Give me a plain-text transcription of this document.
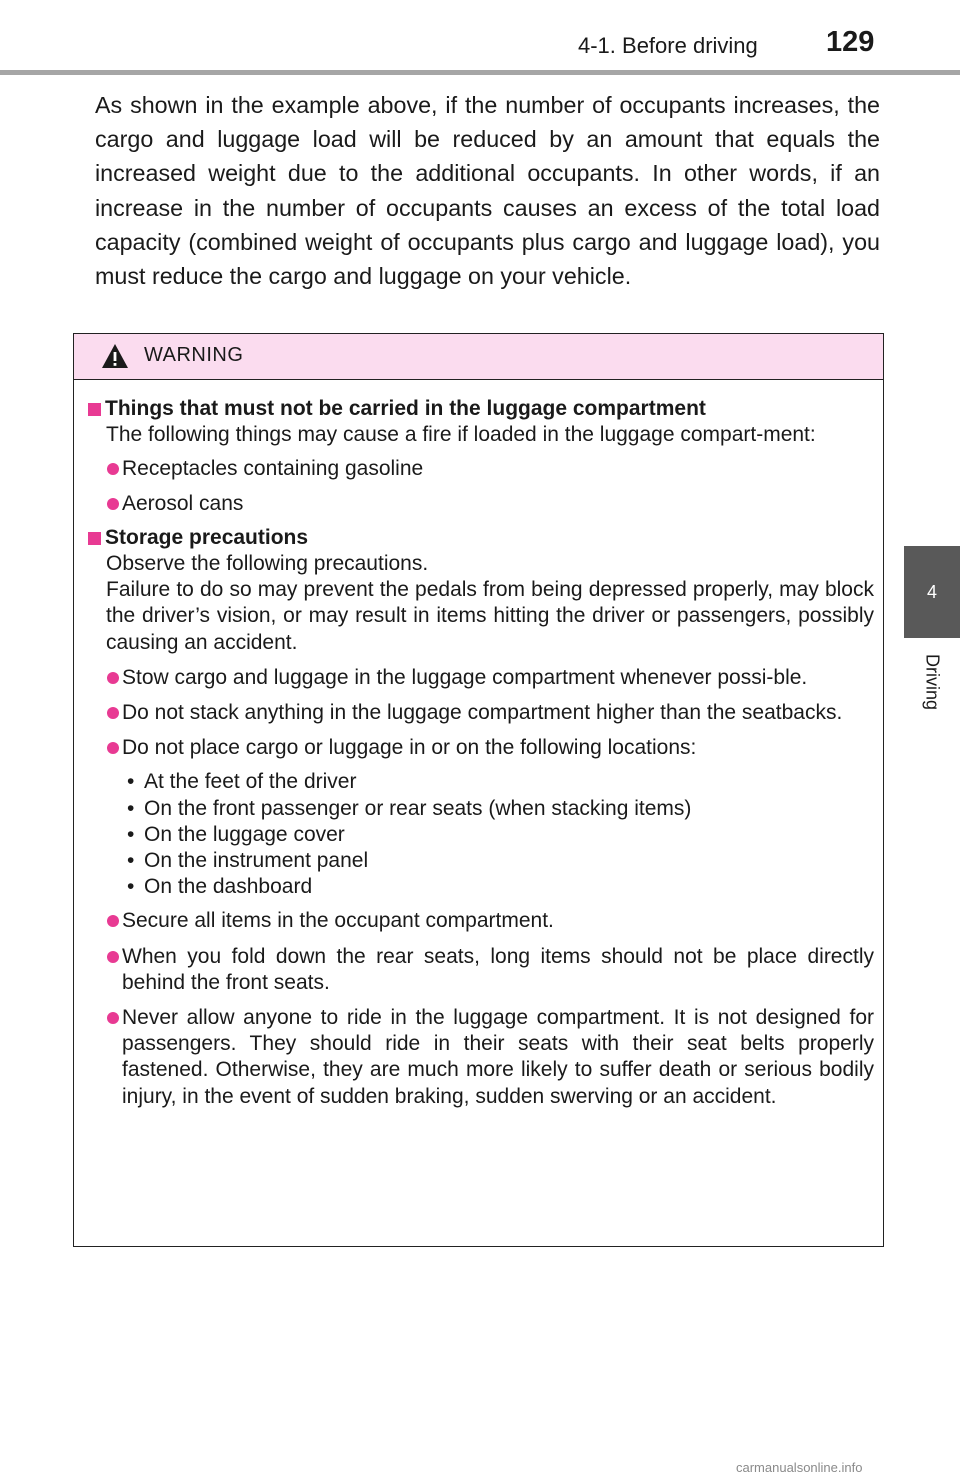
4-1. Before driving 129
4
Driving

As shown in the example above, if the number of occupants increases, the cargo and luggage load will be reduced by an amount that equals the increased weight due to the additional occupants. In other words, if an increase in the number of occupants causes an excess of the total load capacity (combined weight of occupants plus cargo and luggage load), you must reduce the cargo and luggage on your vehicle.

WARNING

Things that must not be carried in the luggage compartment

The following things may cause a fire if loaded in the luggage compart-ment:

Receptacles containing gasoline

Aerosol cans

Storage precautions

Observe the following precautions.

Failure to do so may prevent the pedals from being depressed properly, may block the driver’s vision, or may result in items hitting the driver or passengers, possibly causing an accident.

Stow cargo and luggage in the luggage compartment whenever possi-ble.

Do not stack anything in the luggage compartment higher than the seatbacks.

Do not place cargo or luggage in or on the following locations:

• At the feet of the driver

• On the front passenger or rear seats (when stacking items)

• On the luggage cover

• On the instrument panel

• On the dashboard

Secure all items in the occupant compartment.

When you fold down the rear seats, long items should not be place directly behind the front seats.

Never allow anyone to ride in the luggage compartment. It is not designed for passengers. They should ride in their seats with their seat belts properly fastened. Otherwise, they are much more likely to suffer death or serious bodily injury, in the event of sudden braking, sudden swerving or an accident.

carmanualsonline.info
